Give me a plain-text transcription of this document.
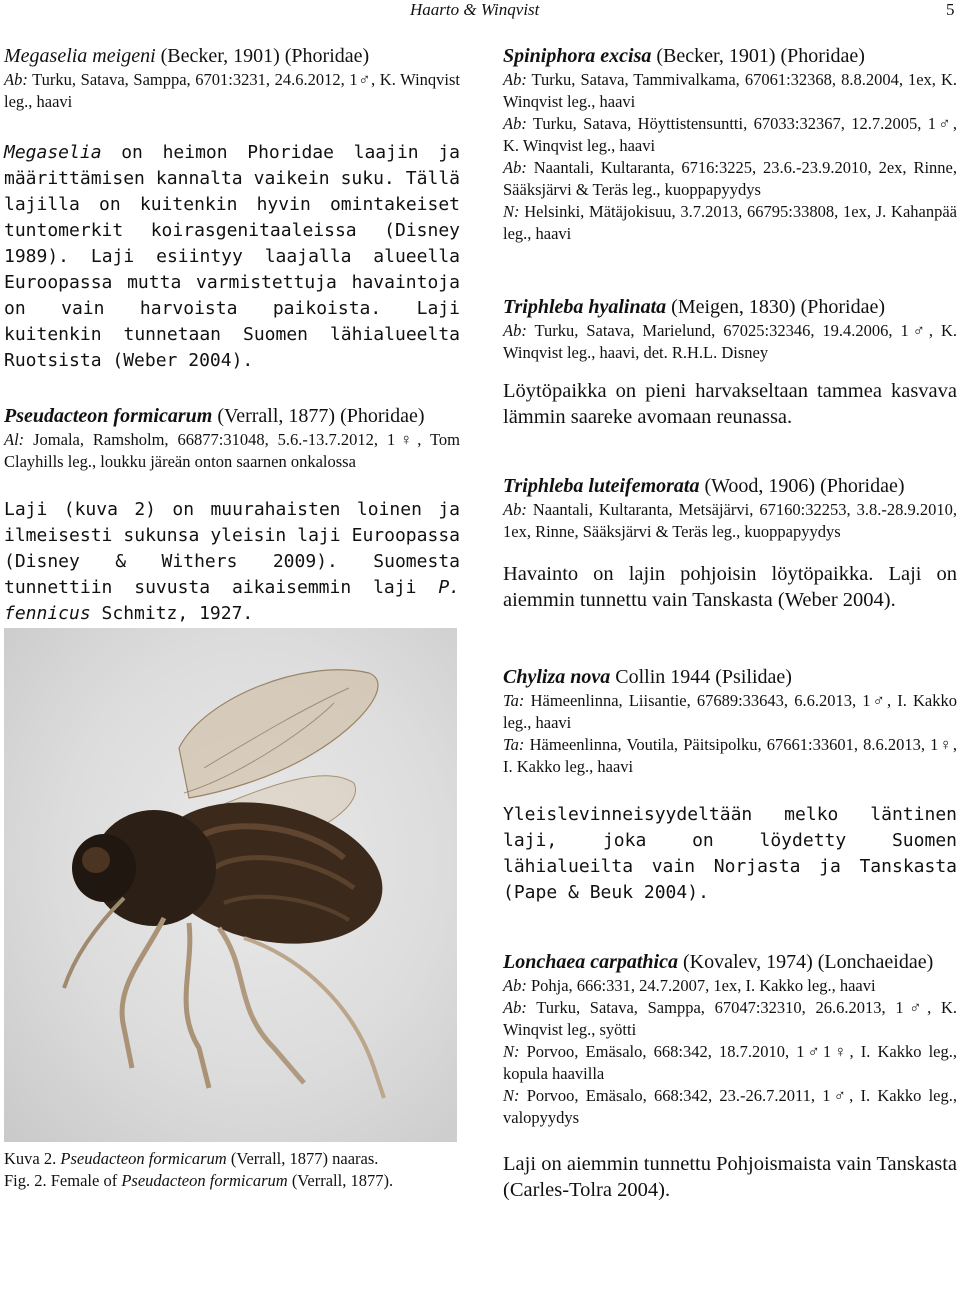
Haarto & Winqvist	5

Megaselia meigeni (Becker, 1901) (Phoridae)

Ab: Turku, Satava, Samppa, 6701:3231, 24.6.2012, 1♂, K. Winqvist leg., haavi

Megaselia on heimon Phoridae laajin ja määrittämisen kannalta vaikein suku. Tällä lajilla on kuitenkin hyvin omintakeiset tuntomerkit koirasgenitaaleissa (Disney 1989). Laji esiintyy laajalla alueella Euroopassa mutta varmistettuja havaintoja on vain harvoista paikoista. Laji kuitenkin tunnetaan Suomen lähialueelta Ruotsista (Weber 2004).

Pseudacteon formicarum (Verrall, 1877) (Phoridae)

Al: Jomala, Ramsholm, 66877:31048, 5.6.-13.7.2012, 1♀, Tom Clayhills leg., loukku järeän onton saarnen onkalossa

Laji (kuva 2) on muurahaisten loinen ja ilmeisesti sukunsa yleisin laji Euroopassa (Disney & Withers 2009). Suomesta tunnettiin suvusta aikaisemmin laji P. fennicus Schmitz, 1927.

Kuva 2. Pseudacteon formicarum (Verrall, 1877) naaras.
Fig. 2. Female of Pseudacteon formicarum (Verrall, 1877).

Spiniphora excisa (Becker, 1901) (Phoridae)

Ab: Turku, Satava, Tammivalkama, 67061:32368, 8.8.2004, 1ex, K. Winqvist leg., haavi

Ab: Turku, Satava, Höyttistensuntti, 67033:32367, 12.7.2005, 1♂, K. Winqvist leg., haavi

Ab: Naantali, Kultaranta, 6716:3225, 23.6.-23.9.2010, 2ex, Rinne, Sääksjärvi & Teräs leg., kuoppapyydys

N: Helsinki, Mätäjokisuu, 3.7.2013, 66795:33808, 1ex, J. Kahanpää leg., haavi

Triphleba hyalinata (Meigen, 1830) (Phoridae)

Ab: Turku, Satava, Marielund, 67025:32346, 19.4.2006, 1♂, K. Winqvist leg., haavi, det. R.H.L. Disney

Löytöpaikka on pieni harvakseltaan tammea kasvava lämmin saareke avomaan reunassa.

Triphleba luteifemorata (Wood, 1906) (Phoridae)

Ab: Naantali, Kultaranta, Metsäjärvi, 67160:32253, 3.8.-28.9.2010, 1ex, Rinne, Sääksjärvi & Teräs leg., kuoppapyydys

Havainto on lajin pohjoisin löytöpaikka. Laji on aiemmin tunnettu vain Tanskasta (Weber 2004).

Chyliza nova Collin 1944 (Psilidae)

Ta: Hämeenlinna, Liisantie, 67689:33643, 6.6.2013, 1♂, I. Kakko leg., haavi

Ta: Hämeenlinna, Voutila, Päitsipolku, 67661:33601, 8.6.2013, 1♀, I. Kakko leg., haavi

Yleislevinneisyydeltään melko läntinen laji, joka on löydetty Suomen lähialueilta vain Norjasta ja Tanskasta (Pape & Beuk 2004).

Lonchaea carpathica (Kovalev, 1974) (Lonchaeidae)

Ab: Pohja, 666:331, 24.7.2007, 1ex, I. Kakko leg., haavi

Ab: Turku, Satava, Samppa, 67047:32310, 26.6.2013, 1♂, K. Winqvist leg., syötti

N: Porvoo, Emäsalo, 668:342, 18.7.2010, 1♂1♀, I. Kakko leg., kopula haavilla

N: Porvoo, Emäsalo, 668:342, 23.-26.7.2011, 1♂, I. Kakko leg., valopyydys

Laji on aiemmin tunnettu Pohjoismaista vain Tanskasta (Carles-Tolra 2004).
